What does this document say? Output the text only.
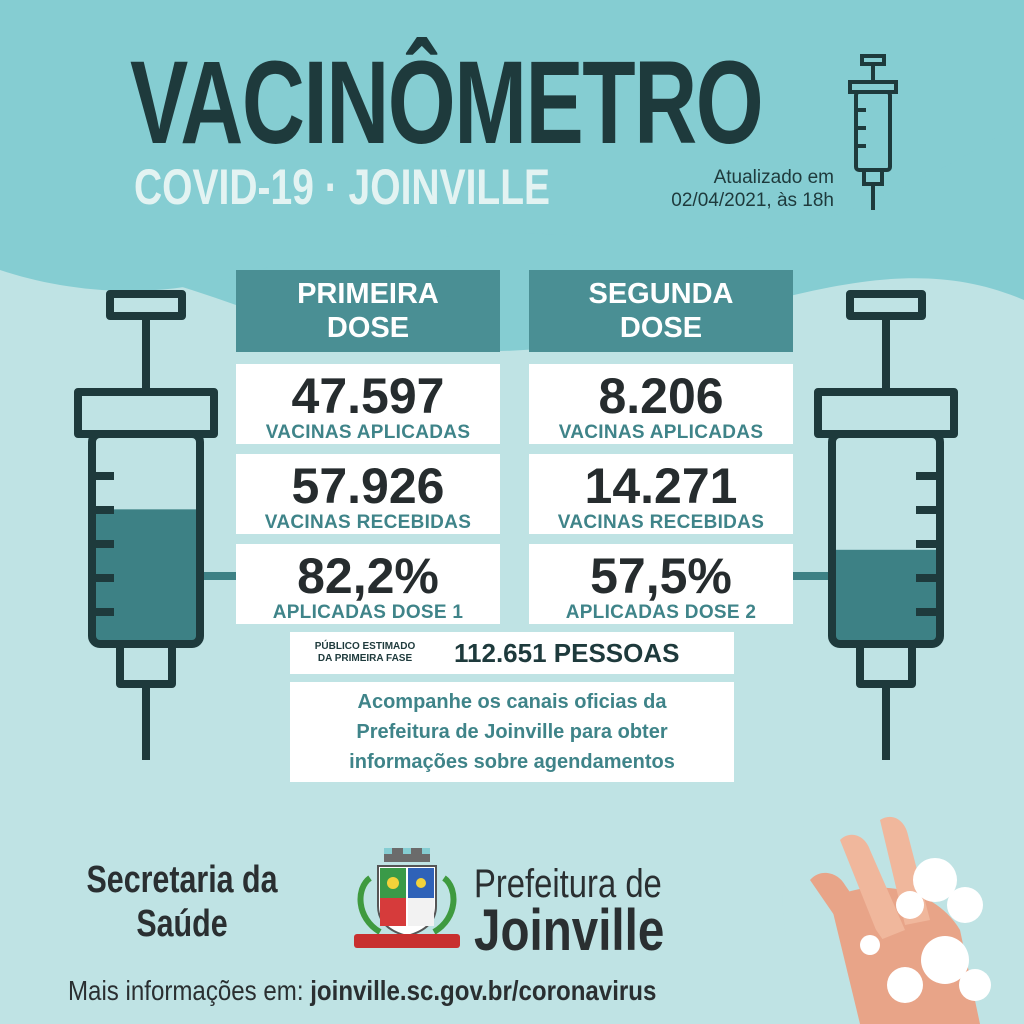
VACINÔMETRO
COVID-19 · JOINVILLE	Atualizado em
02/04/2021, às 18h
PRIMEIRA
DOSE
47.597
VACINAS APLICADAS
57.926
VACINAS RECEBIDAS
82,2%
APLICADAS DOSE 1
SEGUNDA
DOSE
8.206
VACINAS APLICADAS
14.271
VACINAS RECEBIDAS
57,5%
APLICADAS DOSE 2
PÚBLICO ESTIMADO
DA PRIMEIRA FASE	112.651 PESSOAS
Acompanhe os canais oficias da Prefeitura de Joinville para obter informações sobre agendamentos
Secretaria da
Saúde
Prefeitura de
Joinville
Mais informações em: joinville.sc.gov.br/coronavirus
